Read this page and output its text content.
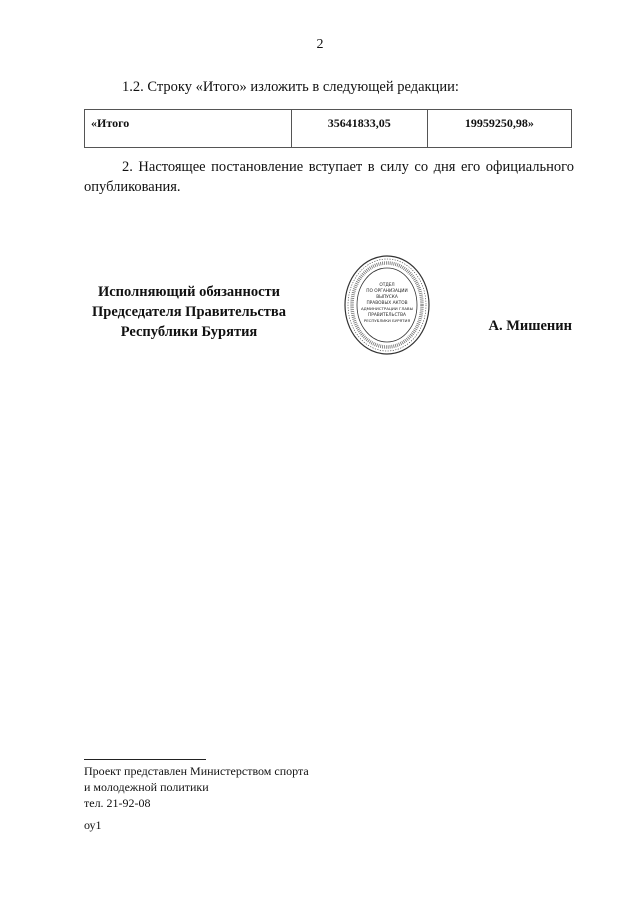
2
1.2. Строку «Итого» изложить в следующей редакции:
«Итого	35641833,05	19959250,98»
2. Настоящее постановление вступает в силу со дня его официального опубликования.
Исполняющий обязанности
Председателя Правительства
Республики Бурятия
ОТДЕЛ
ПО ОРГАНИЗАЦИИ
ВЫПУСКА
ПРАВОВЫХ АКТОВ
АДМИНИСТРАЦИИ ГЛАВЫ
ПРАВИТЕЛЬСТВА
РЕСПУБЛИКИ БУРЯТИЯ	А. Мишенин
Проект представлен Министерством спорта
и молодежной политики
тел. 21-92-08
оу1
